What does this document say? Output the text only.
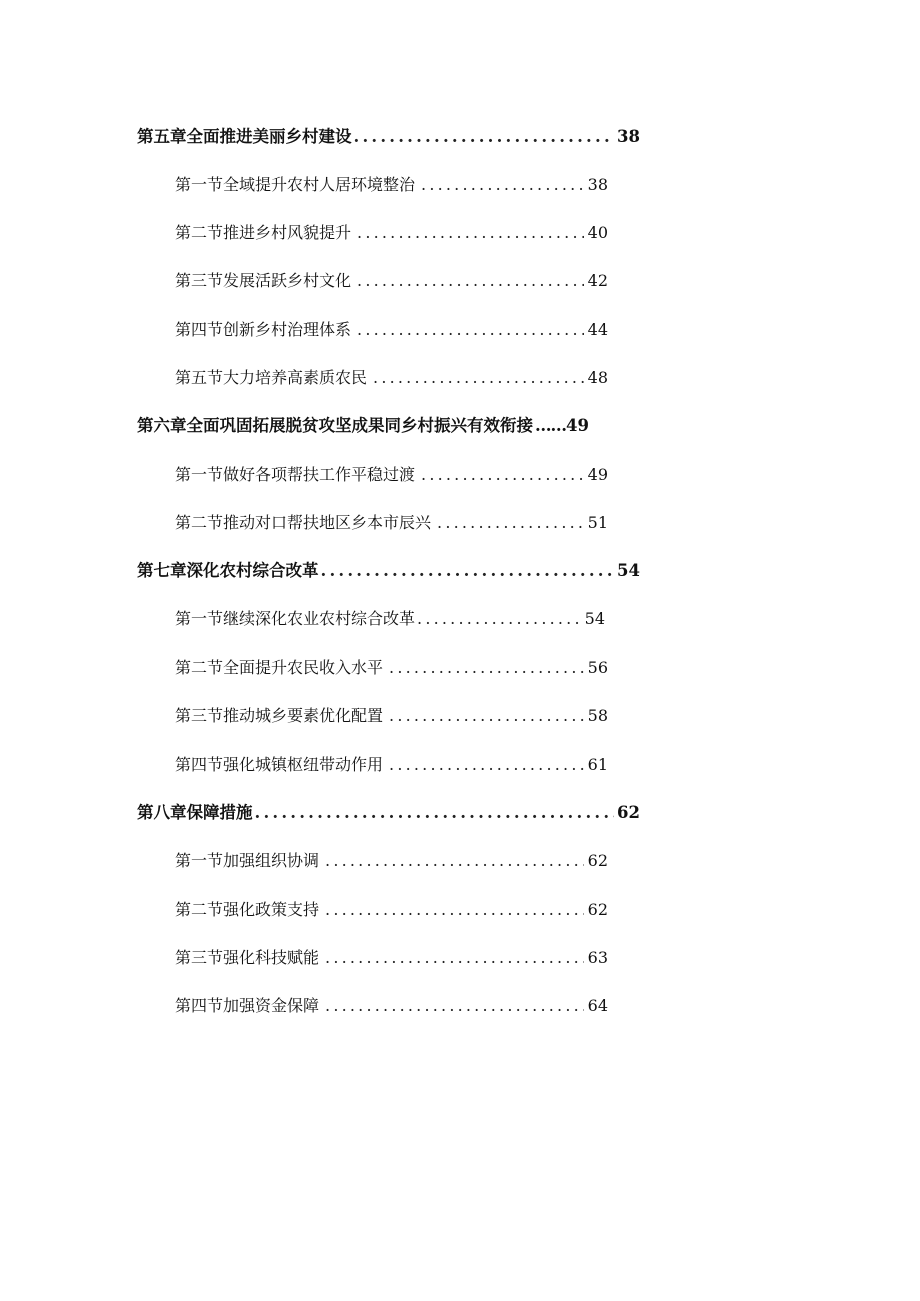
第五章全面推进美丽乡村建设 .....	38
第一节 全域提升农村人居环境整治 .....	38
第二节 推进乡村风貌提升 .....	40
第三节 发展活跃乡村文化 .....	42
第四节 创新乡村治理体系 .....	44
第五节 大力培养高素质农民 .....	48
第六章全面巩固拓展脱贫攻坚成果同乡村振兴有效衔接 …… 49
第一节 做好各项帮扶工作平稳过渡 .....	49
第二节 推动对口帮扶地区乡本市辰兴 .....	51
第七章深化农村综合改革 .....	54
第一节 继续深化农业农村综合改革 .....	54
第二节 全面提升农民收入水平 .....	56
第三节 推动城乡要素优化配置 .....	58
第四节 强化城镇枢纽带动作用 .....	61
第八章保障措施 .....	62
第一节 加强组织协调 .....	62
第二节 强化政策支持 .....	62
第三节 强化科技赋能 .....	63
第四节 加强资金保障 .....	64
